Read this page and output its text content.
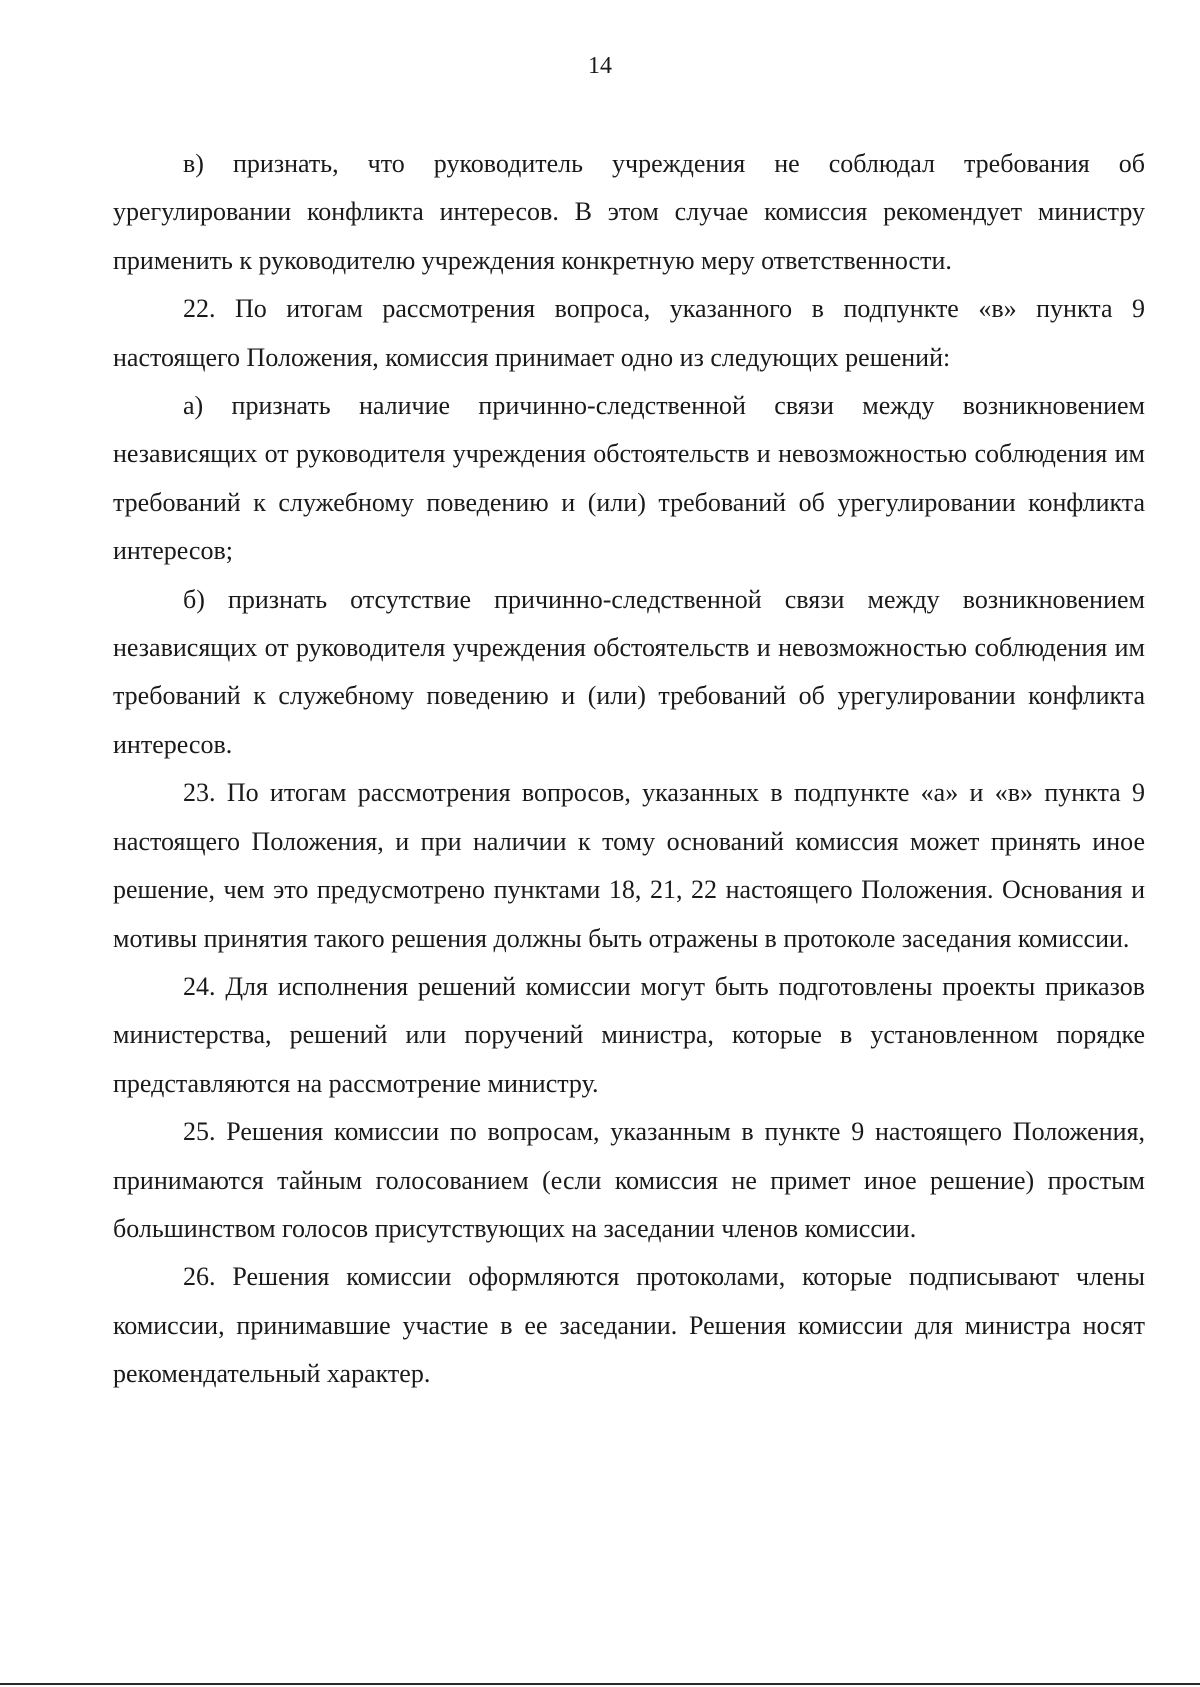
14

в) признать, что руководитель учреждения не соблюдал требования об урегулировании конфликта интересов. В этом случае комиссия рекомендует министру применить к руководителю учреждения конкретную меру ответственности.

22. По итогам рассмотрения вопроса, указанного в подпункте «в» пункта 9 настоящего Положения, комиссия принимает одно из следующих решений:

а) признать наличие причинно-следственной связи между возникновением независящих от руководителя учреждения обстоятельств и невозможностью соблюдения им требований к служебному поведению и (или) требований об урегулировании конфликта интересов;

б) признать отсутствие причинно-следственной связи между возникновением независящих от руководителя учреждения обстоятельств и невозможностью соблюдения им требований к служебному поведению и (или) требований об урегулировании конфликта интересов.

23. По итогам рассмотрения вопросов, указанных в подпункте «а» и «в» пункта 9 настоящего Положения, и при наличии к тому оснований комиссия может принять иное решение, чем это предусмотрено пунктами 18, 21, 22 настоящего Положения. Основания и мотивы принятия такого решения должны быть отражены в протоколе заседания комиссии.

24. Для исполнения решений комиссии могут быть подготовлены проекты приказов министерства, решений или поручений министра, которые в установленном порядке представляются на рассмотрение министру.

25. Решения комиссии по вопросам, указанным в пункте 9 настоящего Положения, принимаются тайным голосованием (если комиссия не примет иное решение) простым большинством голосов присутствующих на заседании членов комиссии.

26. Решения комиссии оформляются протоколами, которые подписывают члены комиссии, принимавшие участие в ее заседании. Решения комиссии для министра носят рекомендательный характер.
